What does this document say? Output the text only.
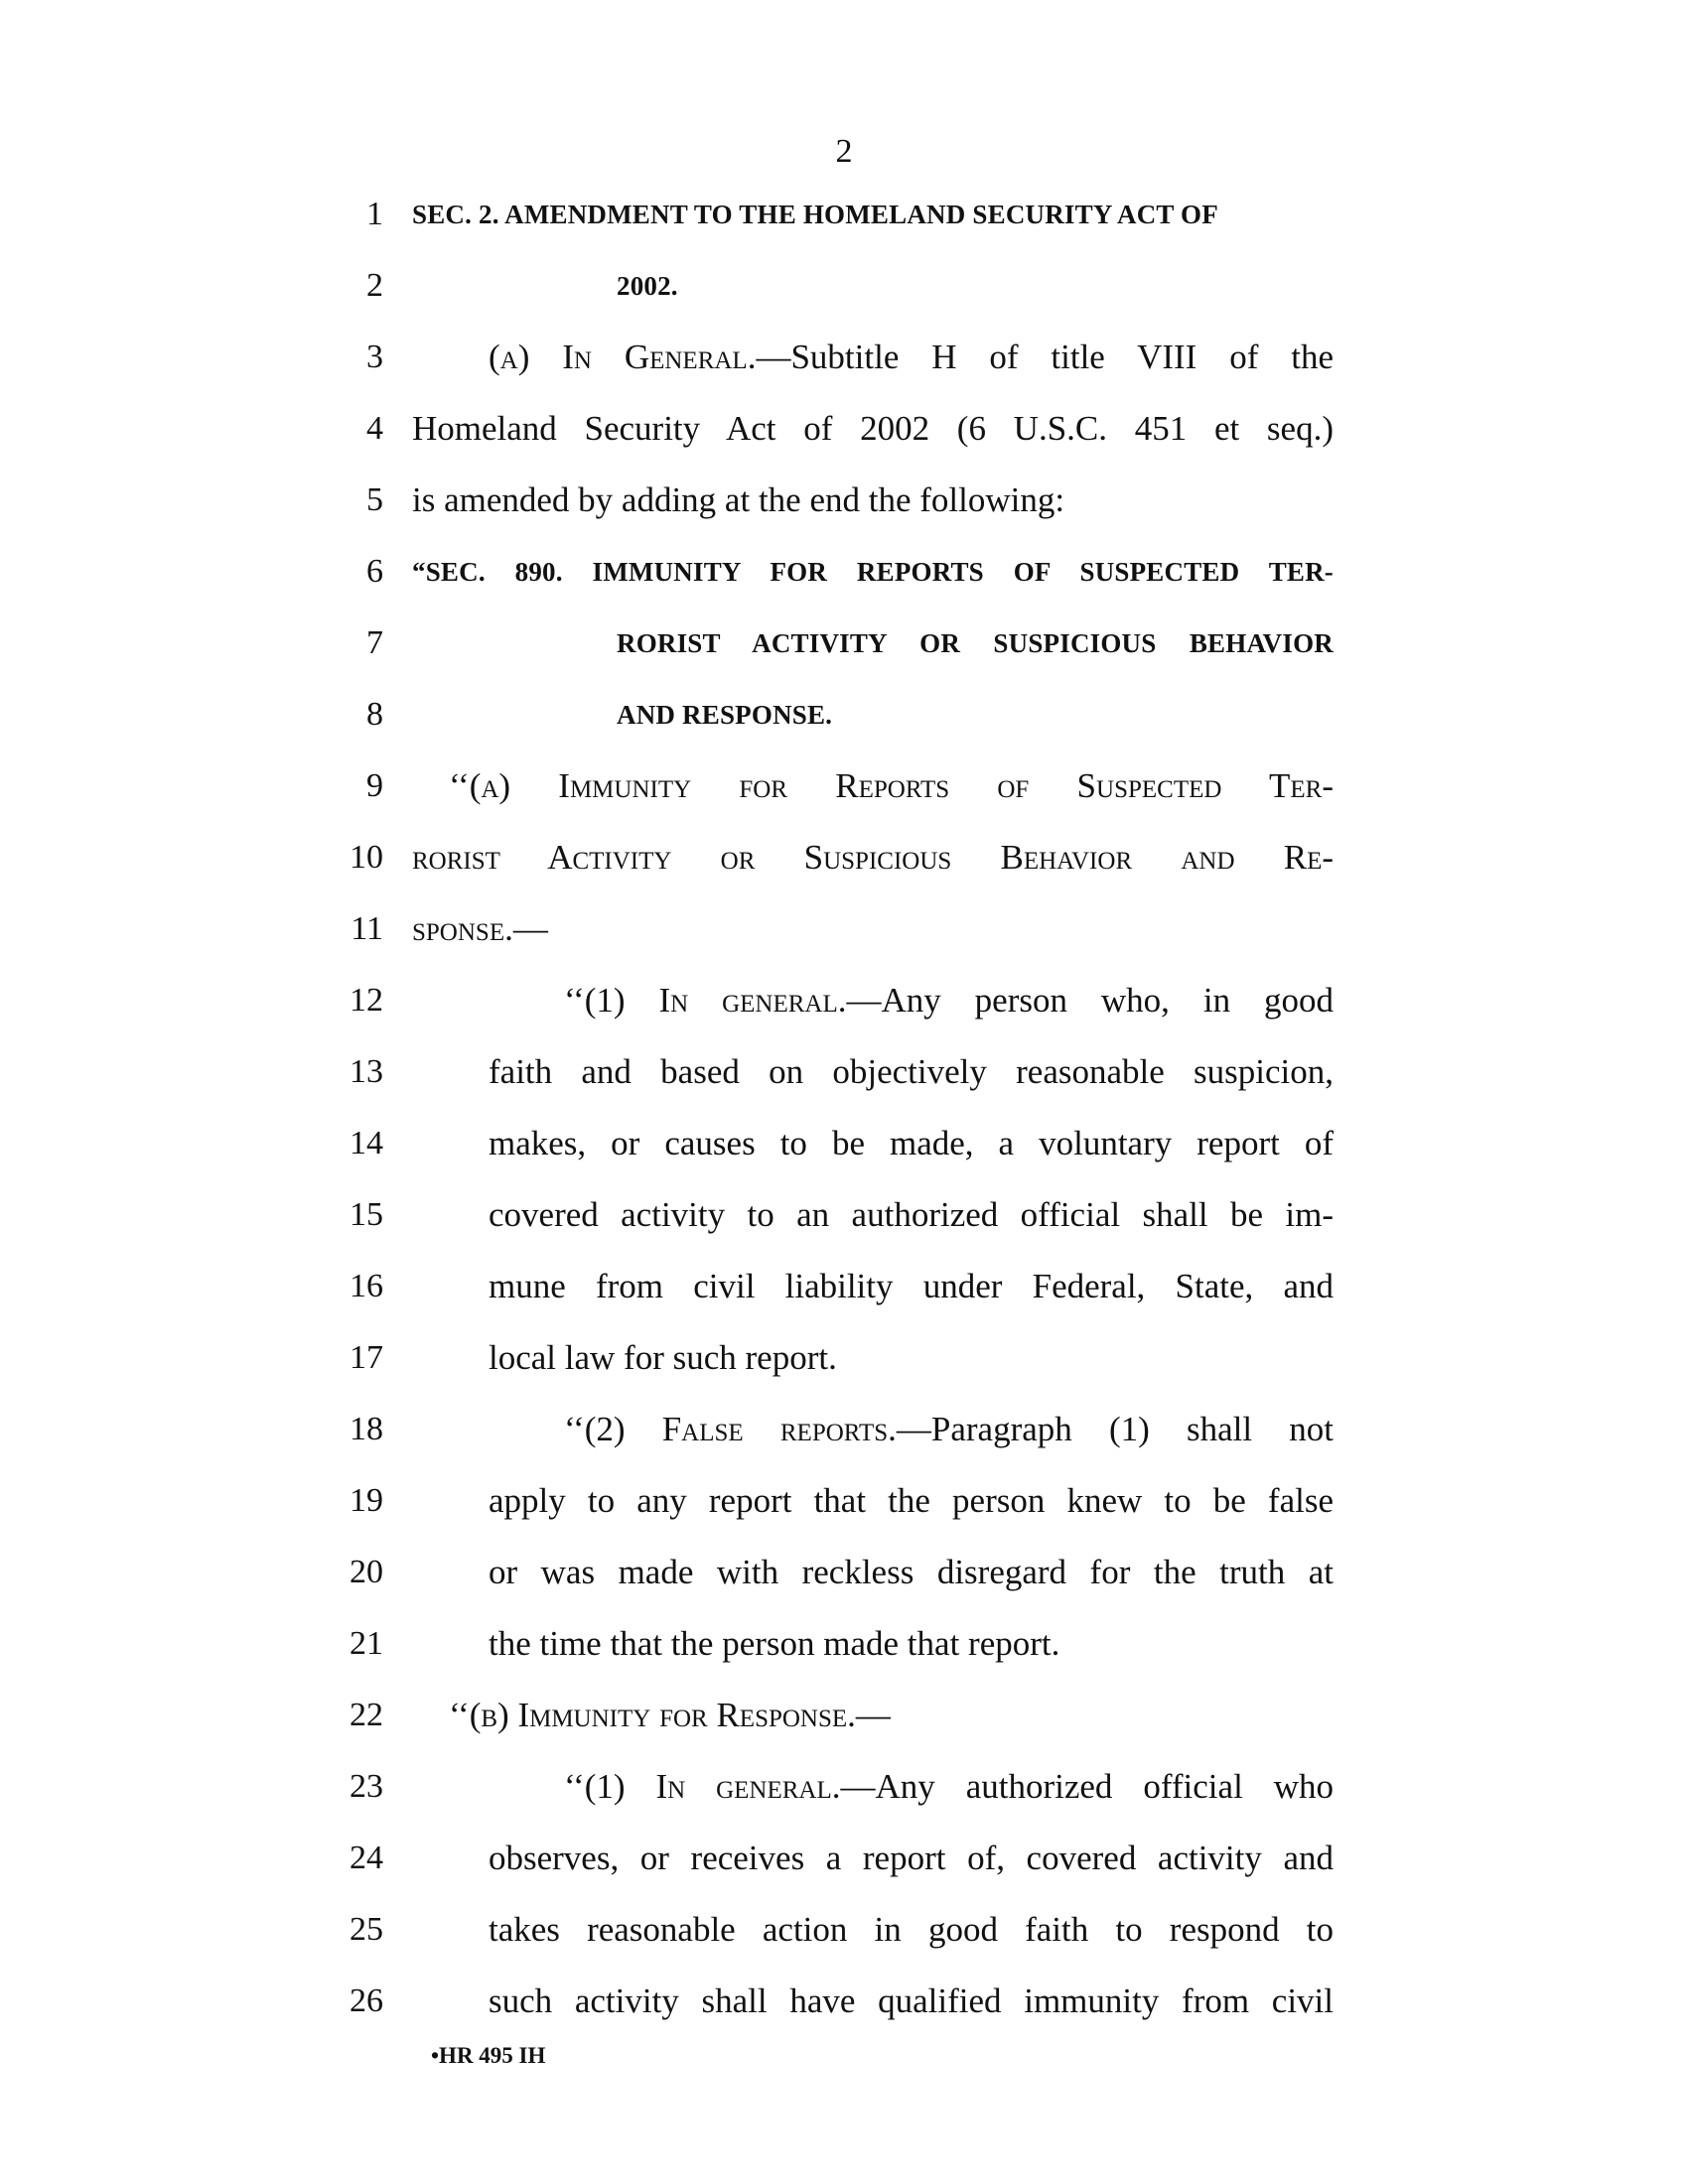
2
1 SEC. 2. AMENDMENT TO THE HOMELAND SECURITY ACT OF
2	2002.
3	(a) In General.—Subtitle H of title VIII of the
4 Homeland Security Act of 2002 (6 U.S.C. 451 et seq.)
5 is amended by adding at the end the following:
6 “SEC. 890. IMMUNITY FOR REPORTS OF SUSPECTED TER-
7	RORIST ACTIVITY OR SUSPICIOUS BEHAVIOR
8	AND RESPONSE.
9 ‘‘(a) Immunity for Reports of Suspected Ter-
10 rorist Activity or Suspicious Behavior and Re-
11 sponse.—
12	‘‘(1) In general.—Any person who, in good
13	faith and based on objectively reasonable suspicion,
14	makes, or causes to be made, a voluntary report of
15	covered activity to an authorized official shall be im-
16	mune from civil liability under Federal, State, and
17	local law for such report.
18	‘‘(2) False reports.—Paragraph (1) shall not
19	apply to any report that the person knew to be false
20	or was made with reckless disregard for the truth at
21	the time that the person made that report.
22 ‘‘(b) Immunity for Response.—
23	‘‘(1) In general.—Any authorized official who
24	observes, or receives a report of, covered activity and
25	takes reasonable action in good faith to respond to
26	such activity shall have qualified immunity from civil
•HR 495 IH
